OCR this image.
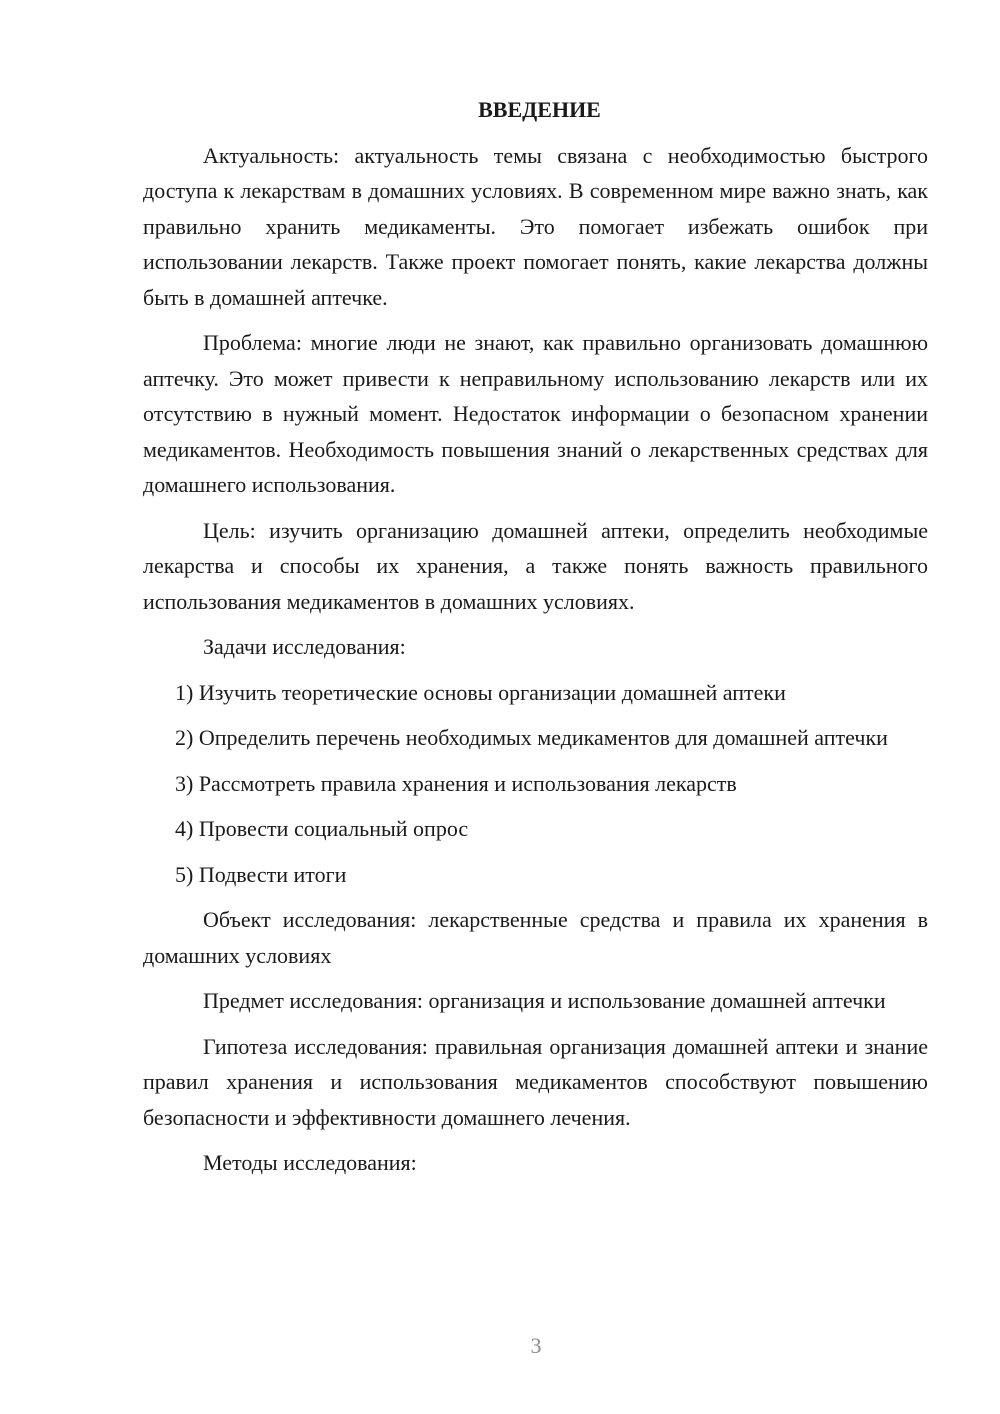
ВВЕДЕНИЕ

Актуальность: актуальность темы связана с необходимостью быстрого доступа к лекарствам в домашних условиях. В современном мире важно знать, как правильно хранить медикаменты. Это помогает избежать ошибок при использовании лекарств. Также проект помогает понять, какие лекарства должны быть в домашней аптечке.

Проблема: многие люди не знают, как правильно организовать домашнюю аптечку. Это может привести к неправильному использованию лекарств или их отсутствию в нужный момент. Недостаток информации о безопасном хранении медикаментов. Необходимость повышения знаний о лекарственных средствах для домашнего использования.

Цель: изучить организацию домашней аптеки, определить необходимые лекарства и способы их хранения, а также понять важность правильного использования медикаментов в домашних условиях.

Задачи исследования:

1) Изучить теоретические основы организации домашней аптеки

2) Определить перечень необходимых медикаментов для домашней аптечки

3) Рассмотреть правила хранения и использования лекарств

4) Провести социальный опрос

5) Подвести итоги

Объект исследования: лекарственные средства и правила их хранения в домашних условиях

Предмет исследования: организация и использование домашней аптечки

Гипотеза исследования: правильная организация домашней аптеки и знание правил хранения и использования медикаментов способствуют повышению безопасности и эффективности домашнего лечения.

Методы исследования:

3
